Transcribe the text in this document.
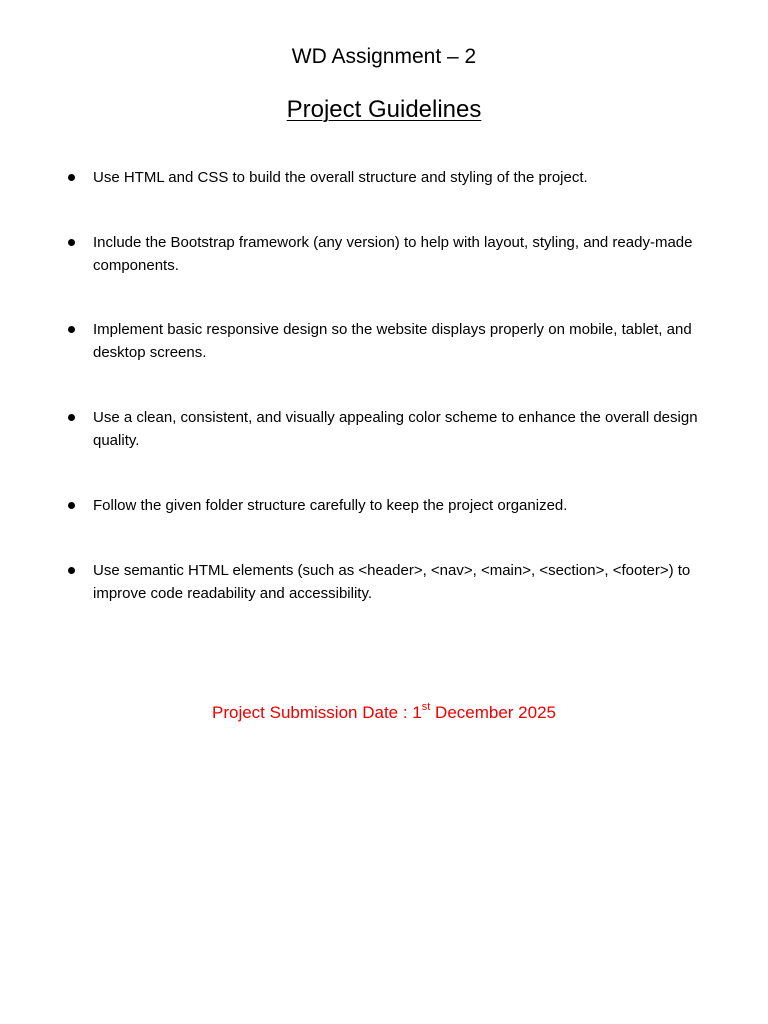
WD Assignment – 2
Project Guidelines
Use HTML and CSS to build the overall structure and styling of the project.
Include the Bootstrap framework (any version) to help with layout, styling, and ready-made components.
Implement basic responsive design so the website displays properly on mobile, tablet, and desktop screens.
Use a clean, consistent, and visually appealing color scheme to enhance the overall design quality.
Follow the given folder structure carefully to keep the project organized.
Use semantic HTML elements (such as <header>, <nav>, <main>, <section>, <footer>) to improve code readability and accessibility.
Project Submission Date : 1st December 2025
